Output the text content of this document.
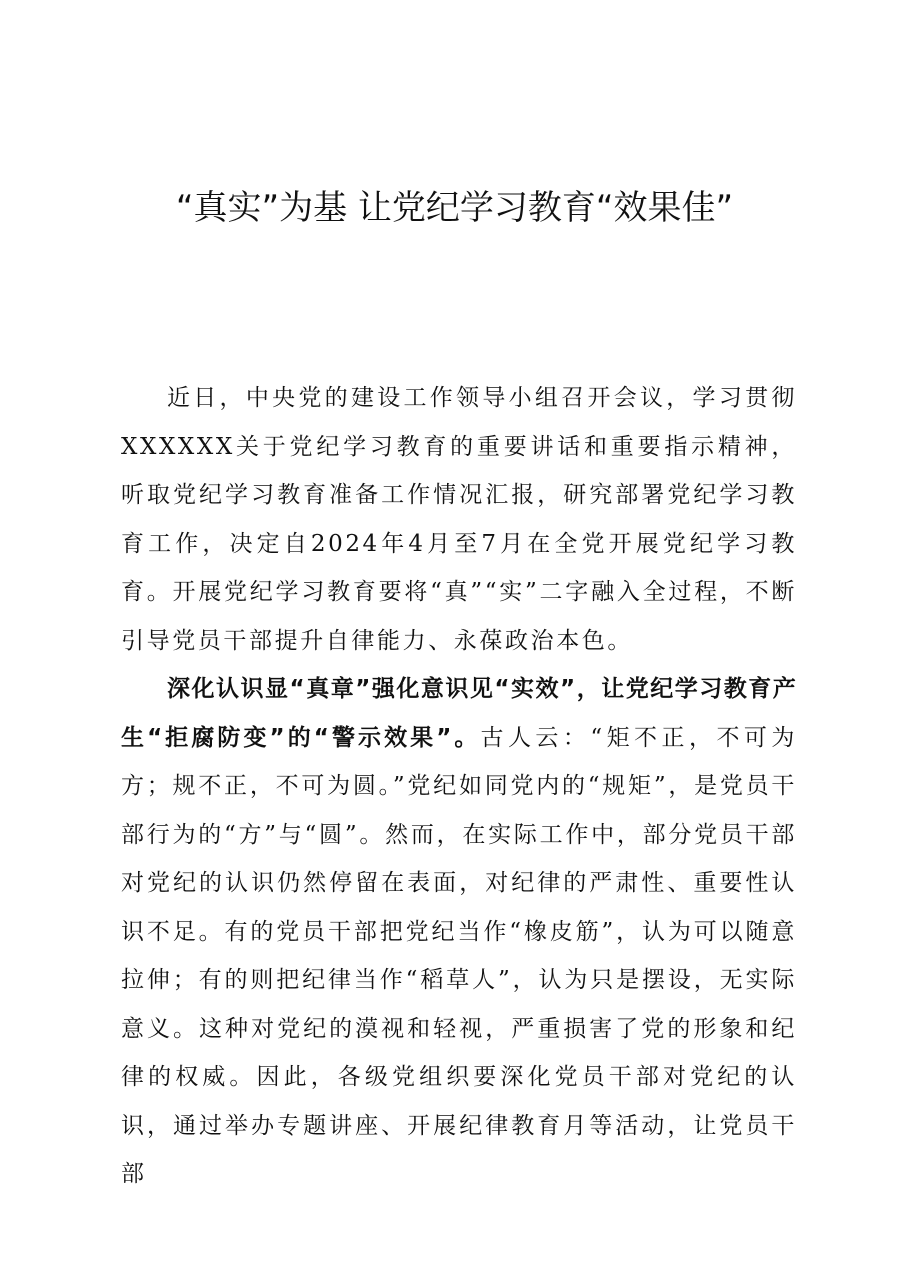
“真实”为基 让党纪学习教育“效果佳”

近日，中央党的建设工作领导小组召开会议，学习贯彻XXXXXX关于党纪学习教育的重要讲话和重要指示精神，听取党纪学习教育准备工作情况汇报，研究部署党纪学习教育工作，决定自2024年4月至7月在全党开展党纪学习教育。开展党纪学习教育要将“真”“实”二字融入全过程，不断引导党员干部提升自律能力、永葆政治本色。

深化认识显“真章”强化意识见“实效”，让党纪学习教育产生“拒腐防变”的“警示效果”。古人云：“矩不正，不可为方；规不正，不可为圆。”党纪如同党内的“规矩”，是党员干部行为的“方”与“圆”。然而，在实际工作中，部分党员干部对党纪的认识仍然停留在表面，对纪律的严肃性、重要性认识不足。有的党员干部把党纪当作“橡皮筋”，认为可以随意拉伸；有的则把纪律当作“稻草人”，认为只是摆设，无实际意义。这种对党纪的漠视和轻视，严重损害了党的形象和纪律的权威。因此，各级党组织要深化党员干部对党纪的认识，通过举办专题讲座、开展纪律教育月等活动，让党员干部
